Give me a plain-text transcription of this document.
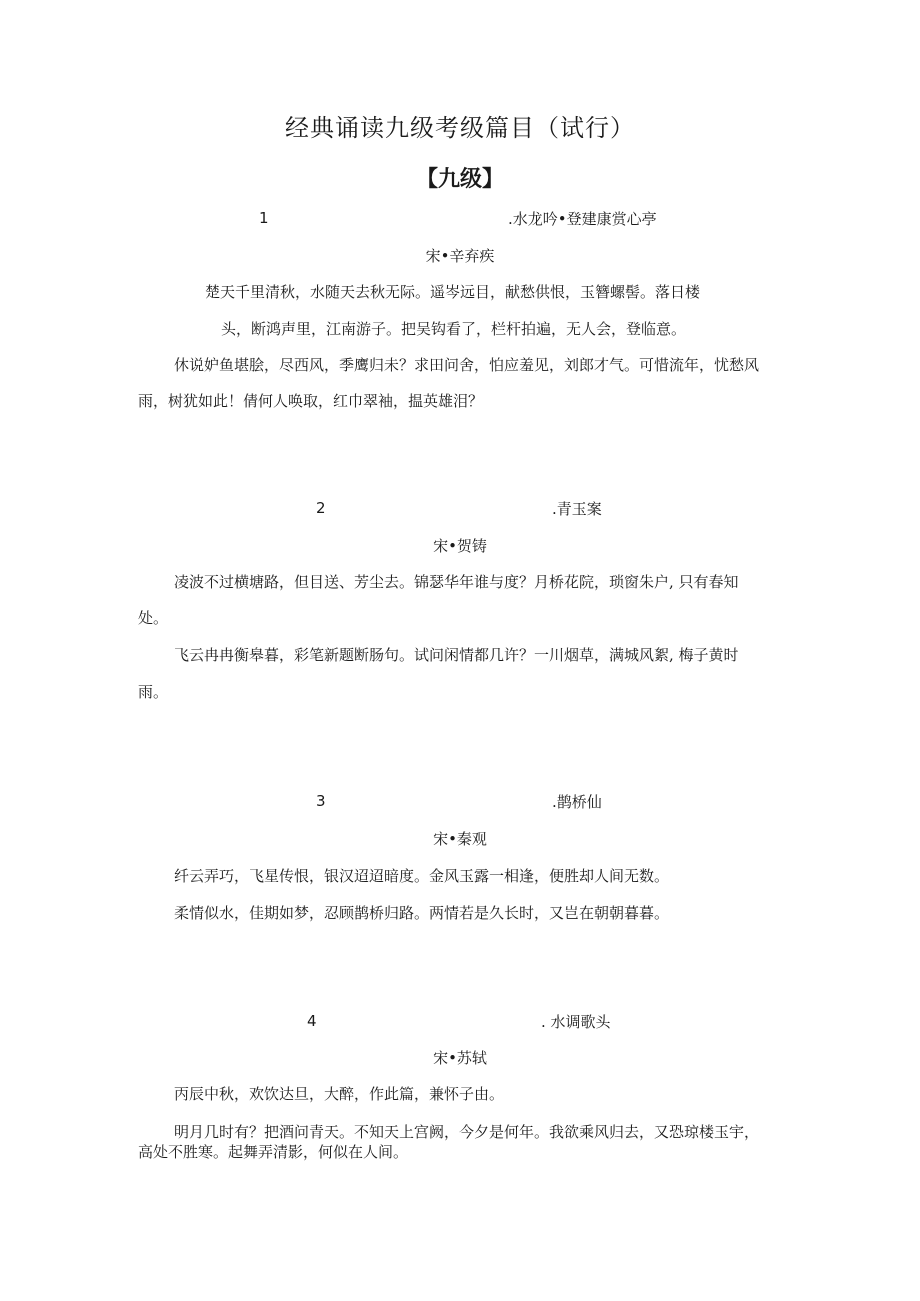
经典诵读九级考级篇目（试行）
【九级】
1	.水龙吟•登建康赏心亭
宋•辛弃疾
楚天千里清秋，水随天去秋无际。遥岑远目，献愁供恨，玉簪螺髻。落日楼
头，断鸿声里，江南游子。把吴钩看了，栏杆拍遍，无人会，登临意。
休说妒鱼堪脍，尽西风，季鹰归未？求田问舍，怕应羞见，刘郎才气。可惜流年，忧愁风
雨，树犹如此！倩何人唤取，红巾翠袖，揾英雄泪？
2	.青玉案
宋•贺铸
凌波不过横塘路，但目送、芳尘去。锦瑟华年谁与度？月桥花院，琐窗朱户, 只有春知
处。
飞云冉冉衡皋暮，彩笔新题断肠句。试问闲情都几许？一川烟草，满城风絮, 梅子黄时
雨。
3	.鹊桥仙
宋•秦观
纤云弄巧，飞星传恨，银汉迢迢暗度。金风玉露一相逢，便胜却人间无数。
柔情似水，佳期如梦，忍顾鹊桥归路。两情若是久长时，又岂在朝朝暮暮。
4	. 水调歌头
宋•苏轼
丙辰中秋，欢饮达旦，大醉，作此篇，兼怀子由。
明月几时有？把酒问青天。不知天上宫阙，今夕是何年。我欲乘风归去，又恐琼楼玉宇，
高处不胜寒。起舞弄清影，何似在人间。
